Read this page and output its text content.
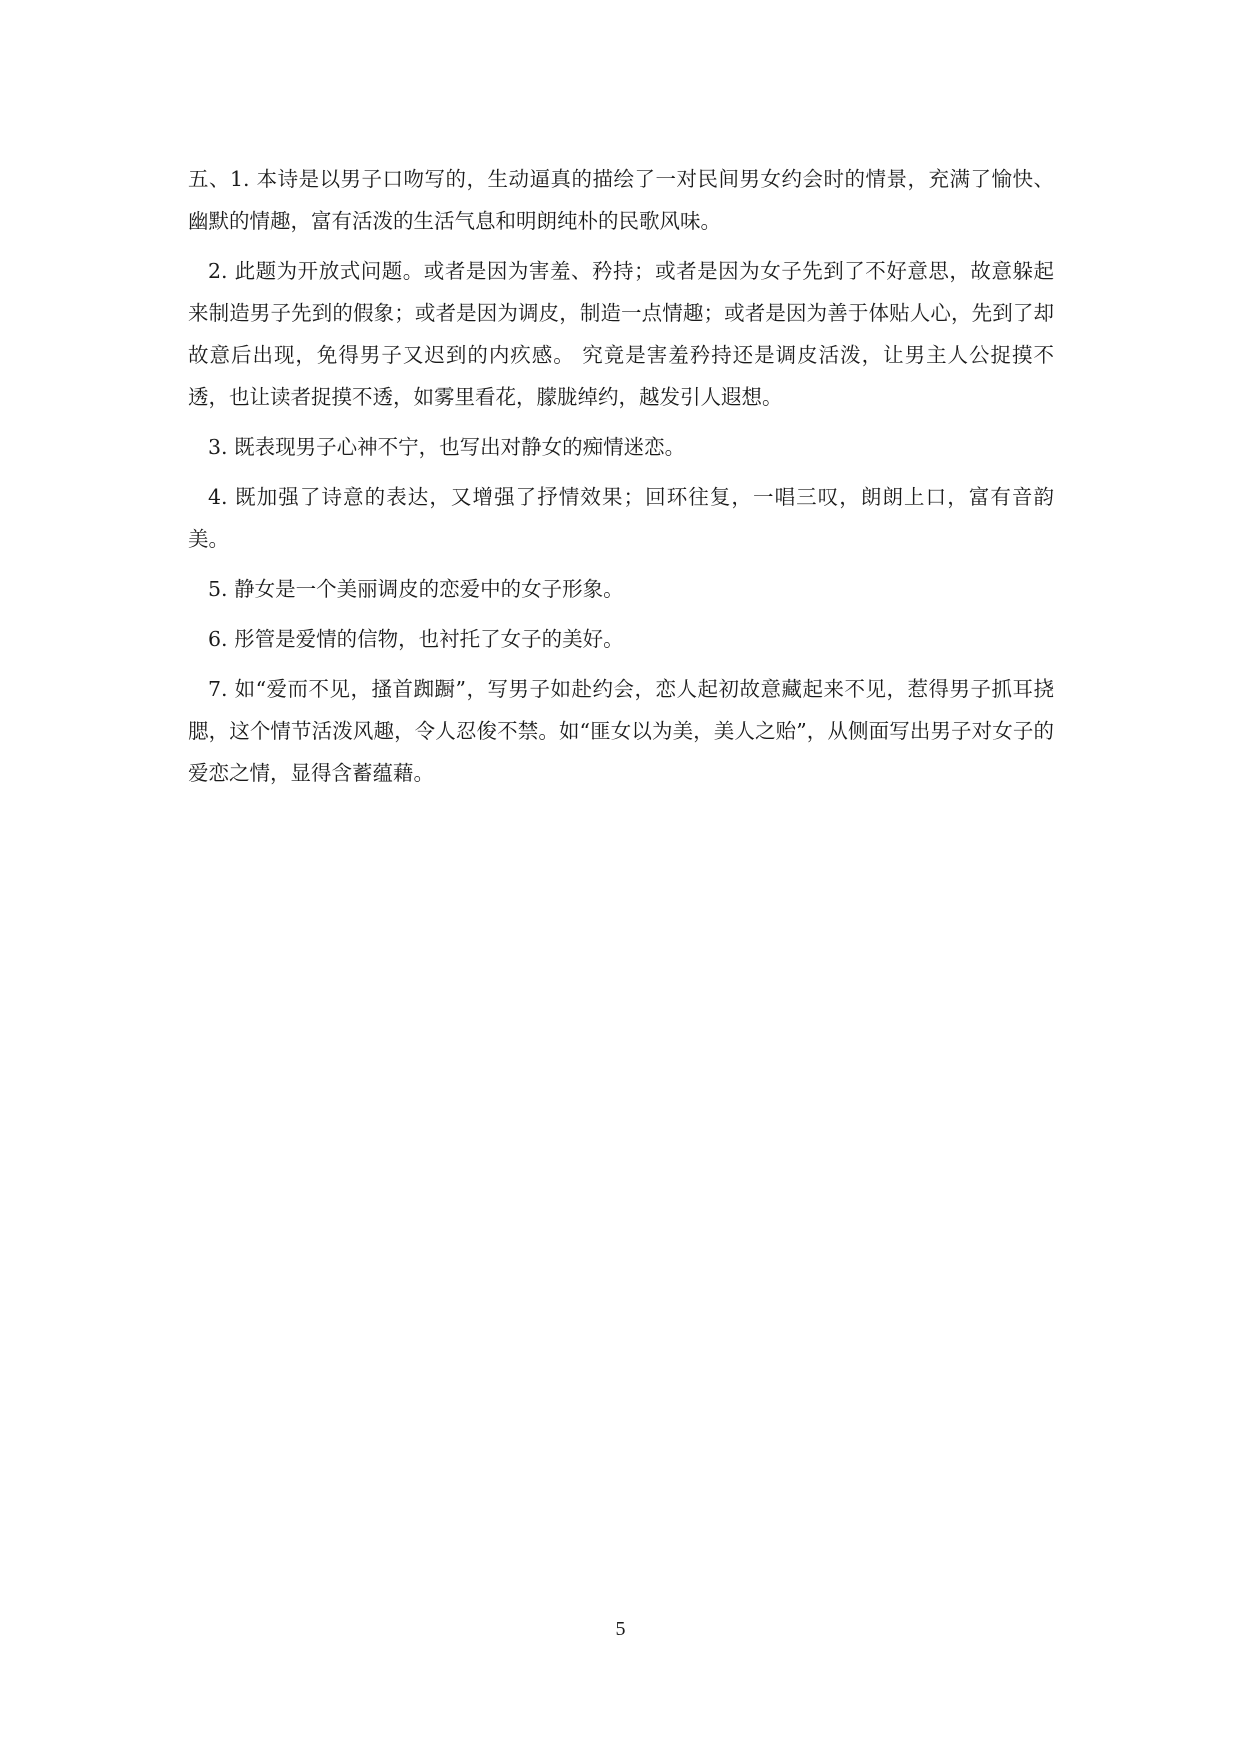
五、1. 本诗是以男子口吻写的，生动逼真的描绘了一对民间男女约会时的情景，充满了愉快、幽默的情趣，富有活泼的生活气息和明朗纯朴的民歌风味。

2. 此题为开放式问题。或者是因为害羞、矜持；或者是因为女子先到了不好意思，故意躲起来制造男子先到的假象；或者是因为调皮，制造一点情趣；或者是因为善于体贴人心，先到了却故意后出现，免得男子又迟到的内疚感。 究竟是害羞矜持还是调皮活泼，让男主人公捉摸不透，也让读者捉摸不透，如雾里看花，朦胧绰约，越发引人遐想。

3. 既表现男子心神不宁，也写出对静女的痴情迷恋。

4. 既加强了诗意的表达，又增强了抒情效果；回环往复，一唱三叹，朗朗上口，富有音韵美。

5. 静女是一个美丽调皮的恋爱中的女子形象。

6. 彤管是爱情的信物，也衬托了女子的美好。

7. 如“爱而不见，搔首踟蹰”，写男子如赴约会，恋人起初故意藏起来不见，惹得男子抓耳挠腮，这个情节活泼风趣，令人忍俊不禁。如“匪女以为美，美人之贻”，从侧面写出男子对女子的爱恋之情，显得含蓄蕴藉。

5
